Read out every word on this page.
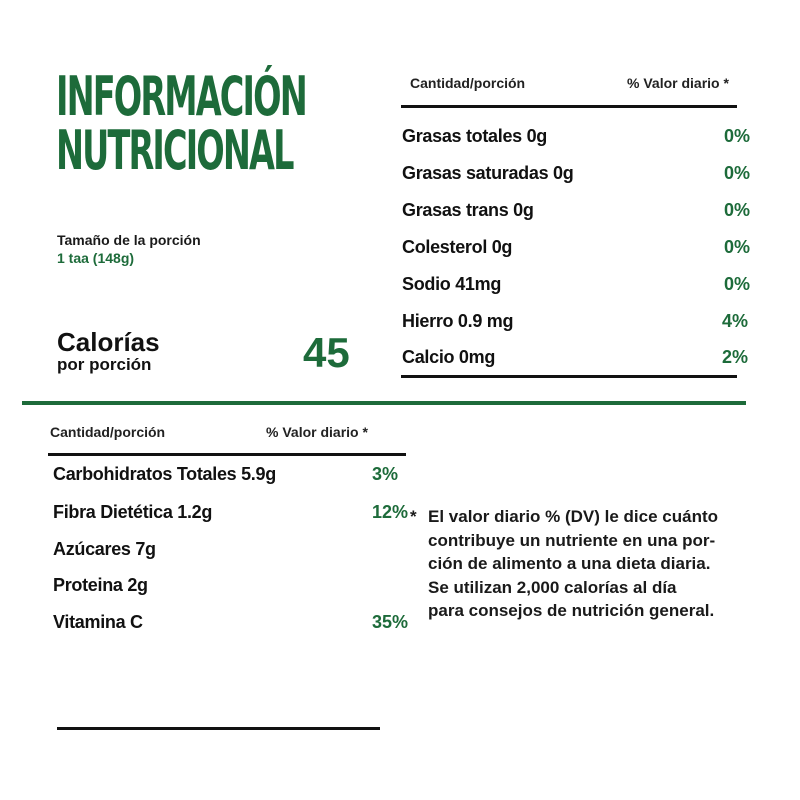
INFORMACIÓN
NUTRICIONAL
Tamaño de la porción
1 taa (148g)
Calorías
por porción	45
Cantidad/porción	% Valor diario *
Grasas totales 0g	0%
Grasas saturadas 0g	0%
Grasas trans 0g	0%
Colesterol 0g	0%
Sodio 41mg	0%
Hierro 0.9 mg	4%
Calcio 0mg	2%
Cantidad/porción	% Valor diario *
Carbohidratos Totales 5.9g	3%
Fibra Dietética 1.2g	12%
Azúcares 7g
Proteina 2g
Vitamina C	35%
* El valor diario % (DV) le dice cuánto
contribuye un nutriente en una por-
ción de alimento a una dieta diaria.
Se utilizan 2,000 calorías al día
para consejos de nutrición general.
